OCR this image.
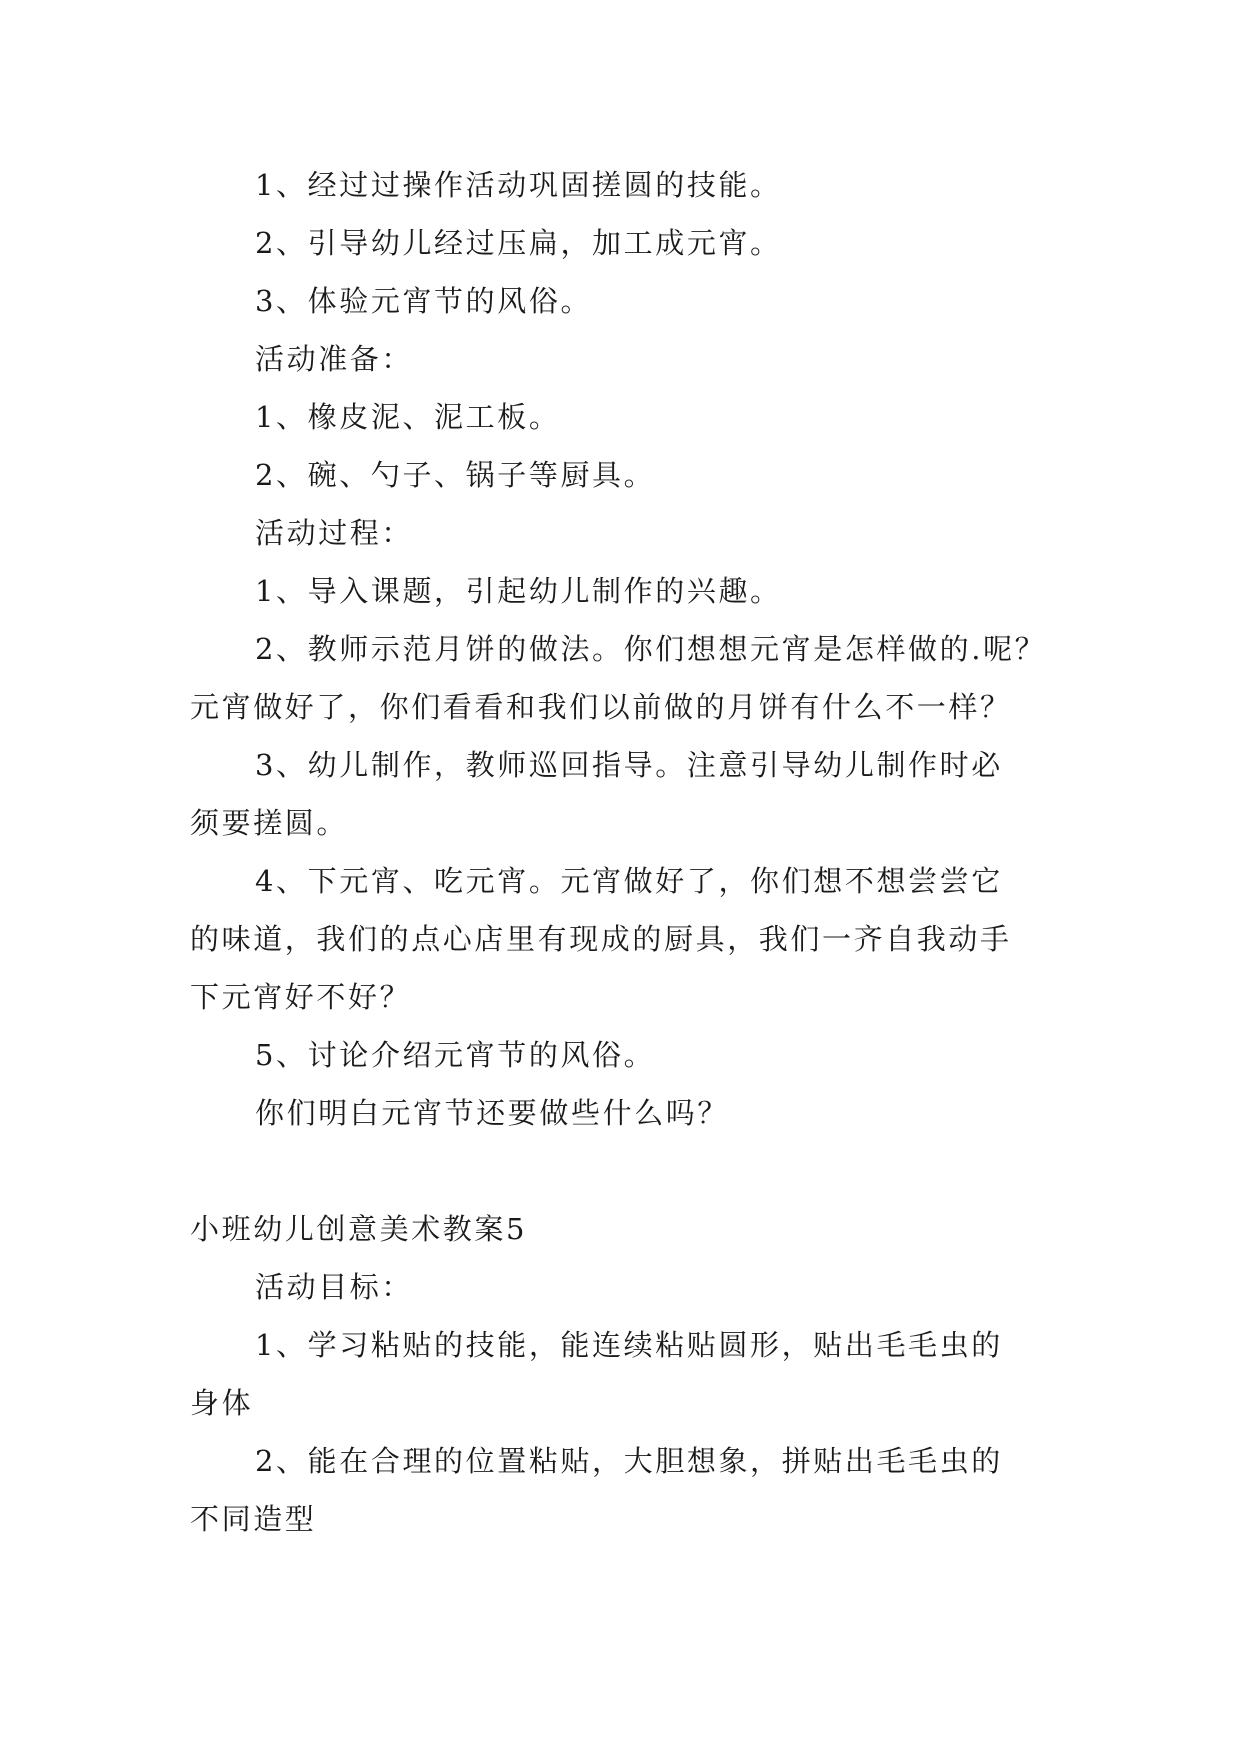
1、经过过操作活动巩固搓圆的技能。
2、引导幼儿经过压扁，加工成元宵。
3、体验元宵节的风俗。
活动准备：
1、橡皮泥、泥工板。
2、碗、勺子、锅子等厨具。
活动过程：
1、导入课题，引起幼儿制作的兴趣。
2、教师示范月饼的做法。你们想想元宵是怎样做的.呢？
元宵做好了，你们看看和我们以前做的月饼有什么不一样？
3、幼儿制作，教师巡回指导。注意引导幼儿制作时必
须要搓圆。
4、下元宵、吃元宵。元宵做好了，你们想不想尝尝它
的味道，我们的点心店里有现成的厨具，我们一齐自我动手
下元宵好不好？
5、讨论介绍元宵节的风俗。
你们明白元宵节还要做些什么吗？
小班幼儿创意美术教案5
活动目标：
1、学习粘贴的技能，能连续粘贴圆形，贴出毛毛虫的
身体
2、能在合理的位置粘贴，大胆想象，拼贴出毛毛虫的
不同造型
